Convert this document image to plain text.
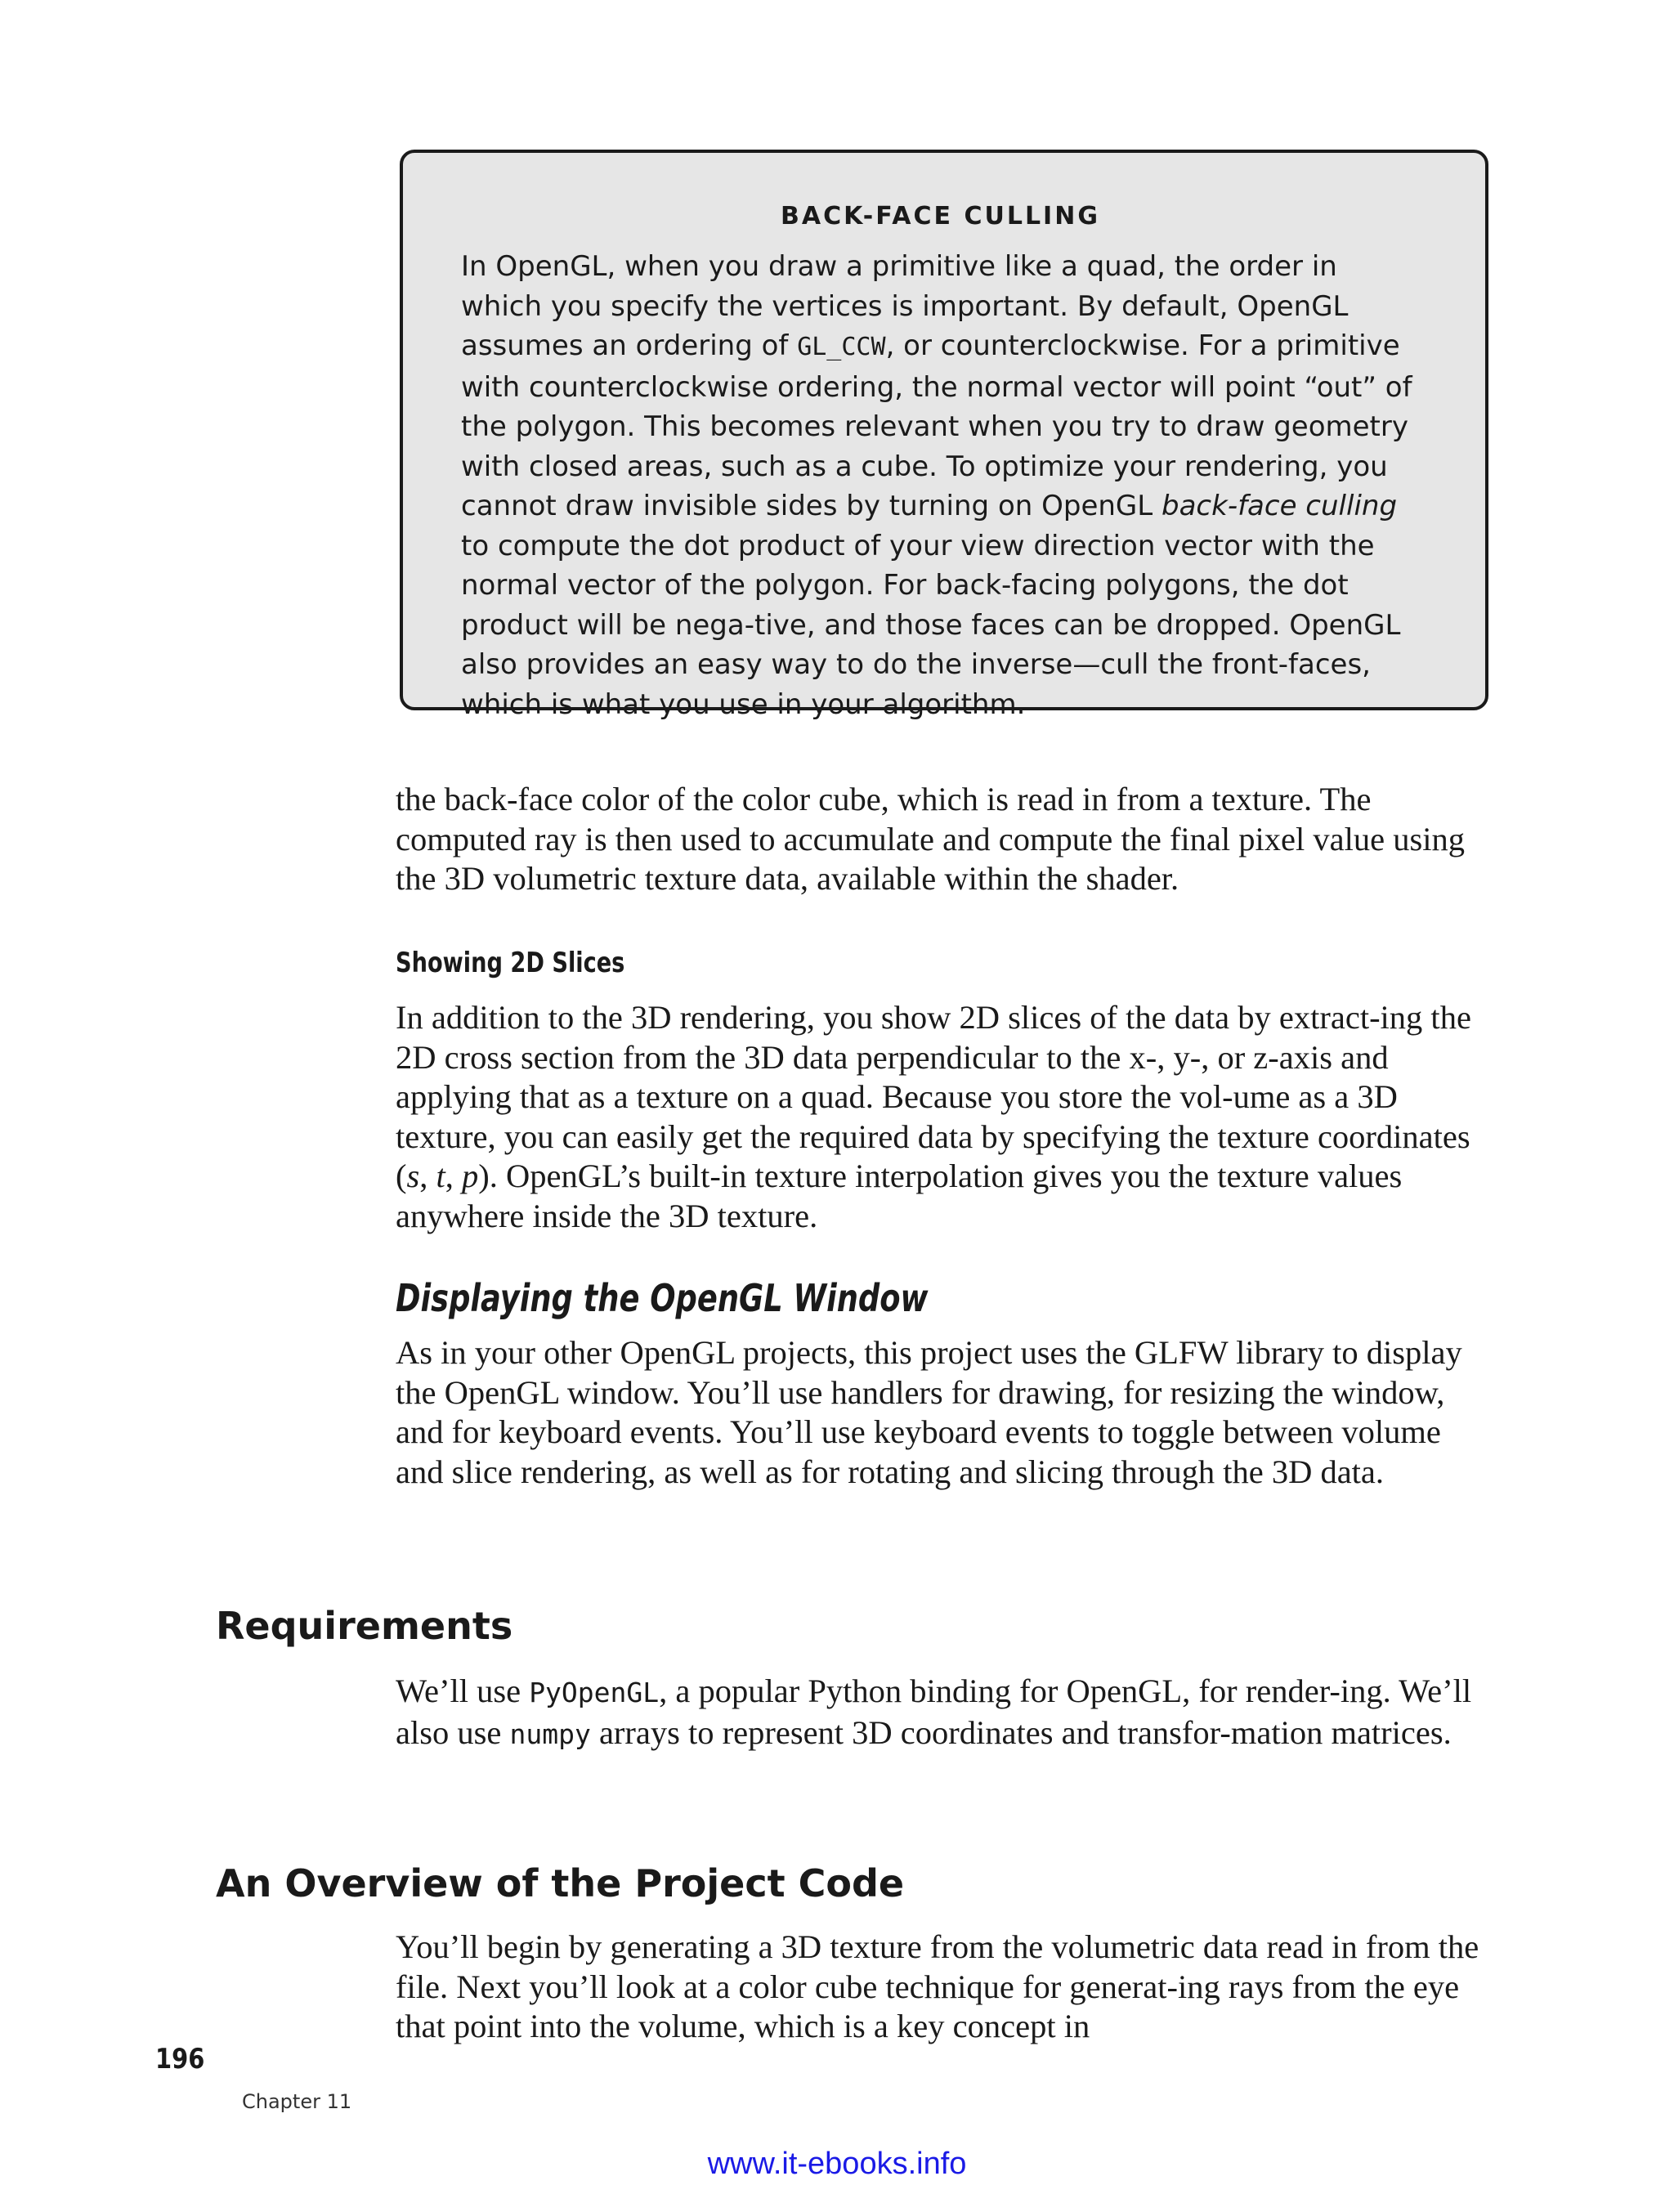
BACK-FACE CULLING

In OpenGL, when you draw a primitive like a quad, the order in which you specify the vertices is important. By default, OpenGL assumes an ordering of GL_CCW, or counterclockwise. For a primitive with counterclockwise ordering, the normal vector will point “out” of the polygon. This becomes relevant when you try to draw geometry with closed areas, such as a cube. To optimize your rendering, you cannot draw invisible sides by turning on OpenGL back-face culling to compute the dot product of your view direction vector with the normal vector of the polygon. For back-facing polygons, the dot product will be nega-tive, and those faces can be dropped. OpenGL also provides an easy way to do the inverse—cull the front-faces, which is what you use in your algorithm.

the back-face color of the color cube, which is read in from a texture. The computed ray is then used to accumulate and compute the final pixel value using the 3D volumetric texture data, available within the shader.

Showing 2D Slices

In addition to the 3D rendering, you show 2D slices of the data by extract-ing the 2D cross section from the 3D data perpendicular to the x-, y-, or z-axis and applying that as a texture on a quad. Because you store the vol-ume as a 3D texture, you can easily get the required data by specifying the texture coordinates (s, t, p). OpenGL’s built-in texture interpolation gives you the texture values anywhere inside the 3D texture.

Displaying the OpenGL Window

As in your other OpenGL projects, this project uses the GLFW library to display the OpenGL window. You’ll use handlers for drawing, for resizing the window, and for keyboard events. You’ll use keyboard events to toggle between volume and slice rendering, as well as for rotating and slicing through the 3D data.

Requirements

We’ll use PyOpenGL, a popular Python binding for OpenGL, for render-ing. We’ll also use numpy arrays to represent 3D coordinates and transfor-mation matrices.

An Overview of the Project Code

You’ll begin by generating a 3D texture from the volumetric data read in from the file. Next you’ll look at a color cube technique for generat-ing rays from the eye that point into the volume, which is a key concept in

196
Chapter 11
www.it-ebooks.info
